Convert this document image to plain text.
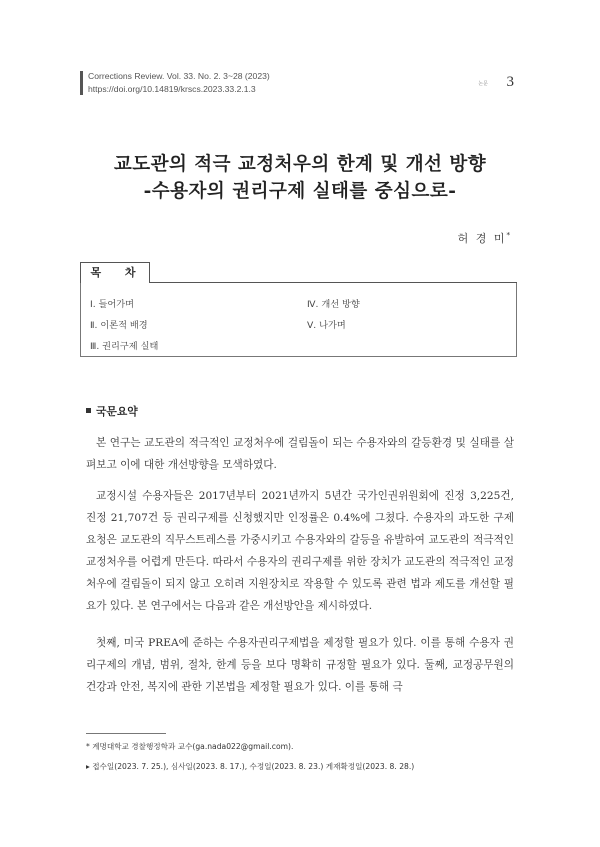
Corrections Review. Vol. 33. No. 2. 3~28 (2023)
https://doi.org/10.14819/krscs.2023.33.2.1.3	논문 3
교도관의 적극 교정처우의 한계 및 개선 방향
-수용자의 권리구제 실태를 중심으로-
허 경 미*
목 차
Ⅰ. 들어가며
Ⅱ. 이론적 배경
Ⅲ. 권리구제 실태
Ⅳ. 개선 방향
Ⅴ. 나가며
국문요약
본 연구는 교도관의 적극적인 교정처우에 걸림돌이 되는 수용자와의 갈등환경 및 실태를 살펴보고 이에 대한 개선방향을 모색하였다.
교정시설 수용자들은 2017년부터 2021년까지 5년간 국가인권위원회에 진정 3,225건, 진정 21,707건 등 권리구제를 신청했지만 인정률은 0.4%에 그쳤다. 수용자의 과도한 구제요청은 교도관의 직무스트레스를 가중시키고 수용자와의 갈등을 유발하여 교도관의 적극적인 교정처우를 어렵게 만든다. 따라서 수용자의 권리구제를 위한 장치가 교도관의 적극적인 교정처우에 걸림돌이 되지 않고 오히려 지원장치로 작용할 수 있도록 관련 법과 제도를 개선할 필요가 있다. 본 연구에서는 다음과 같은 개선방안을 제시하였다.
첫째, 미국 PREA에 준하는 수용자권리구제법을 제정할 필요가 있다. 이를 통해 수용자 권리구제의 개념, 범위, 절차, 한계 등을 보다 명확히 규정할 필요가 있다. 둘째, 교정공무원의 건강과 안전, 복지에 관한 기본법을 제정할 필요가 있다. 이를 통해 극
* 계명대학교 경찰행정학과 교수(ga.nada022@gmail.com).
▸ 접수일(2023. 7. 25.), 심사일(2023. 8. 17.), 수정일(2023. 8. 23.) 게재확정일(2023. 8. 28.)
